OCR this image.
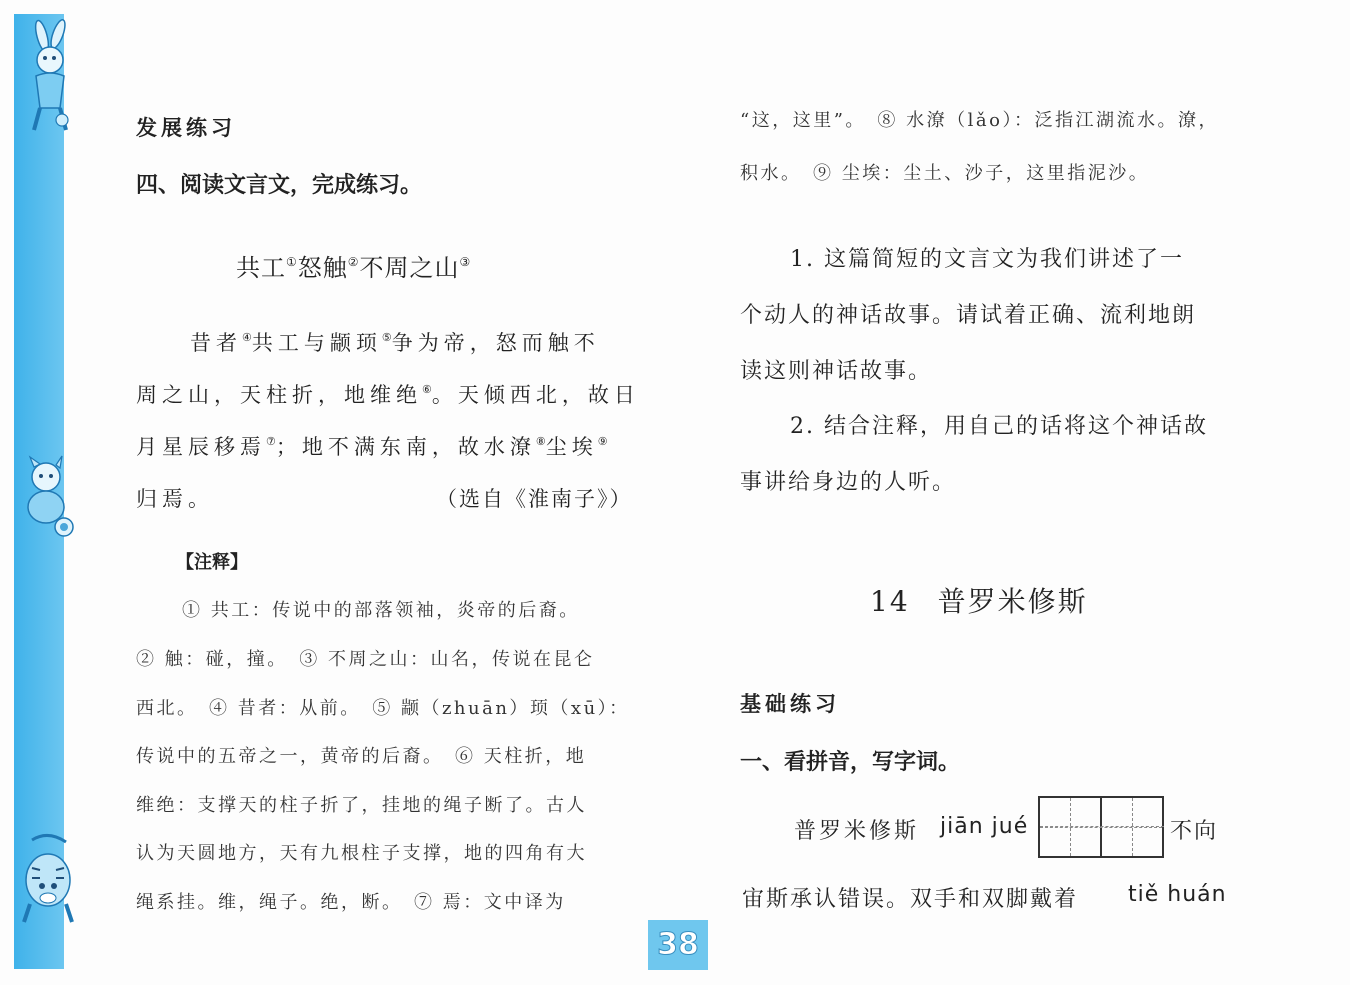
发展练习
四、阅读文言文，完成练习。
共工①怒触②不周之山③
昔者④共工与颛顼⑤争为帝，怒而触不
周之山，天柱折，地维绝⑥。天倾西北，故日
月星辰移焉⑦；地不满东南，故水潦⑧尘埃⑨
归焉。	（选自《淮南子》）
【注释】
① 共工：传说中的部落领袖，炎帝的后裔。
② 触：碰，撞。　③ 不周之山：山名，传说在昆仑
西北。　④ 昔者：从前。　⑤ 颛（zhuān）顼（xū）：
传说中的五帝之一，黄帝的后裔。　⑥ 天柱折，地
维绝：支撑天的柱子折了，挂地的绳子断了。古人
认为天圆地方，天有九根柱子支撑，地的四角有大
绳系挂。维，绳子。绝，断。　⑦ 焉：文中译为
“这，这里”。　⑧ 水潦（lǎo）：泛指江湖流水。潦，
积水。　⑨ 尘埃：尘土、沙子，这里指泥沙。
1. 这篇简短的文言文为我们讲述了一
个动人的神话故事。请试着正确、流利地朗
读这则神话故事。
2. 结合注释，用自己的话将这个神话故
事讲给身边的人听。
14 普罗米修斯
基础练习
一、看拼音，写字词。
普罗米修斯 jiān jué	不向
宙斯承认错误。双手和双脚戴着 tiě huán
38
